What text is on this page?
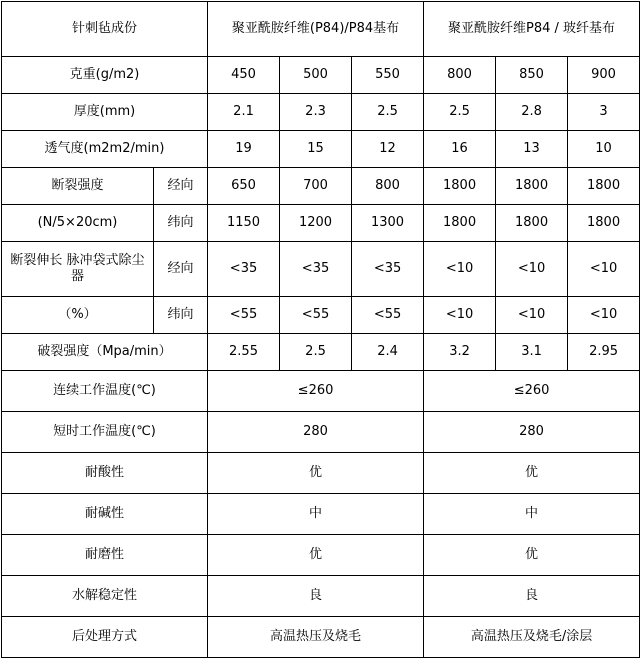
针刺毡成份		聚亚酰胺纤维(P84)/P84基布			聚亚酰胺纤维P84 / 玻纤基布		
克重(g/m2)		450	500	550	800	850	900
厚度(mm)		2.1	2.3	2.5	2.5	2.8	3
透气度(m2m2/min)		19	15	12	16	13	10
断裂强度	经向	650	700	800	1800	1800	1800
(N/5×20cm)	纬向	1150	1200	1300	1800	1800	1800
断裂伸长 脉冲袋式除尘器	经向	<35	<35	<35	<10	<10	<10
（%）	纬向	<55	<55	<55	<10	<10	<10
破裂强度（Mpa/min）		2.55	2.5	2.4	3.2	3.1	2.95
连续工作温度(℃)		≤260			≤260		
短时工作温度(℃)		280			280		
耐酸性		优			优		
耐碱性		中			中		
耐磨性		优			优		
水解稳定性		良			良		
后处理方式		高温热压及烧毛			高温热压及烧毛/涂层		
